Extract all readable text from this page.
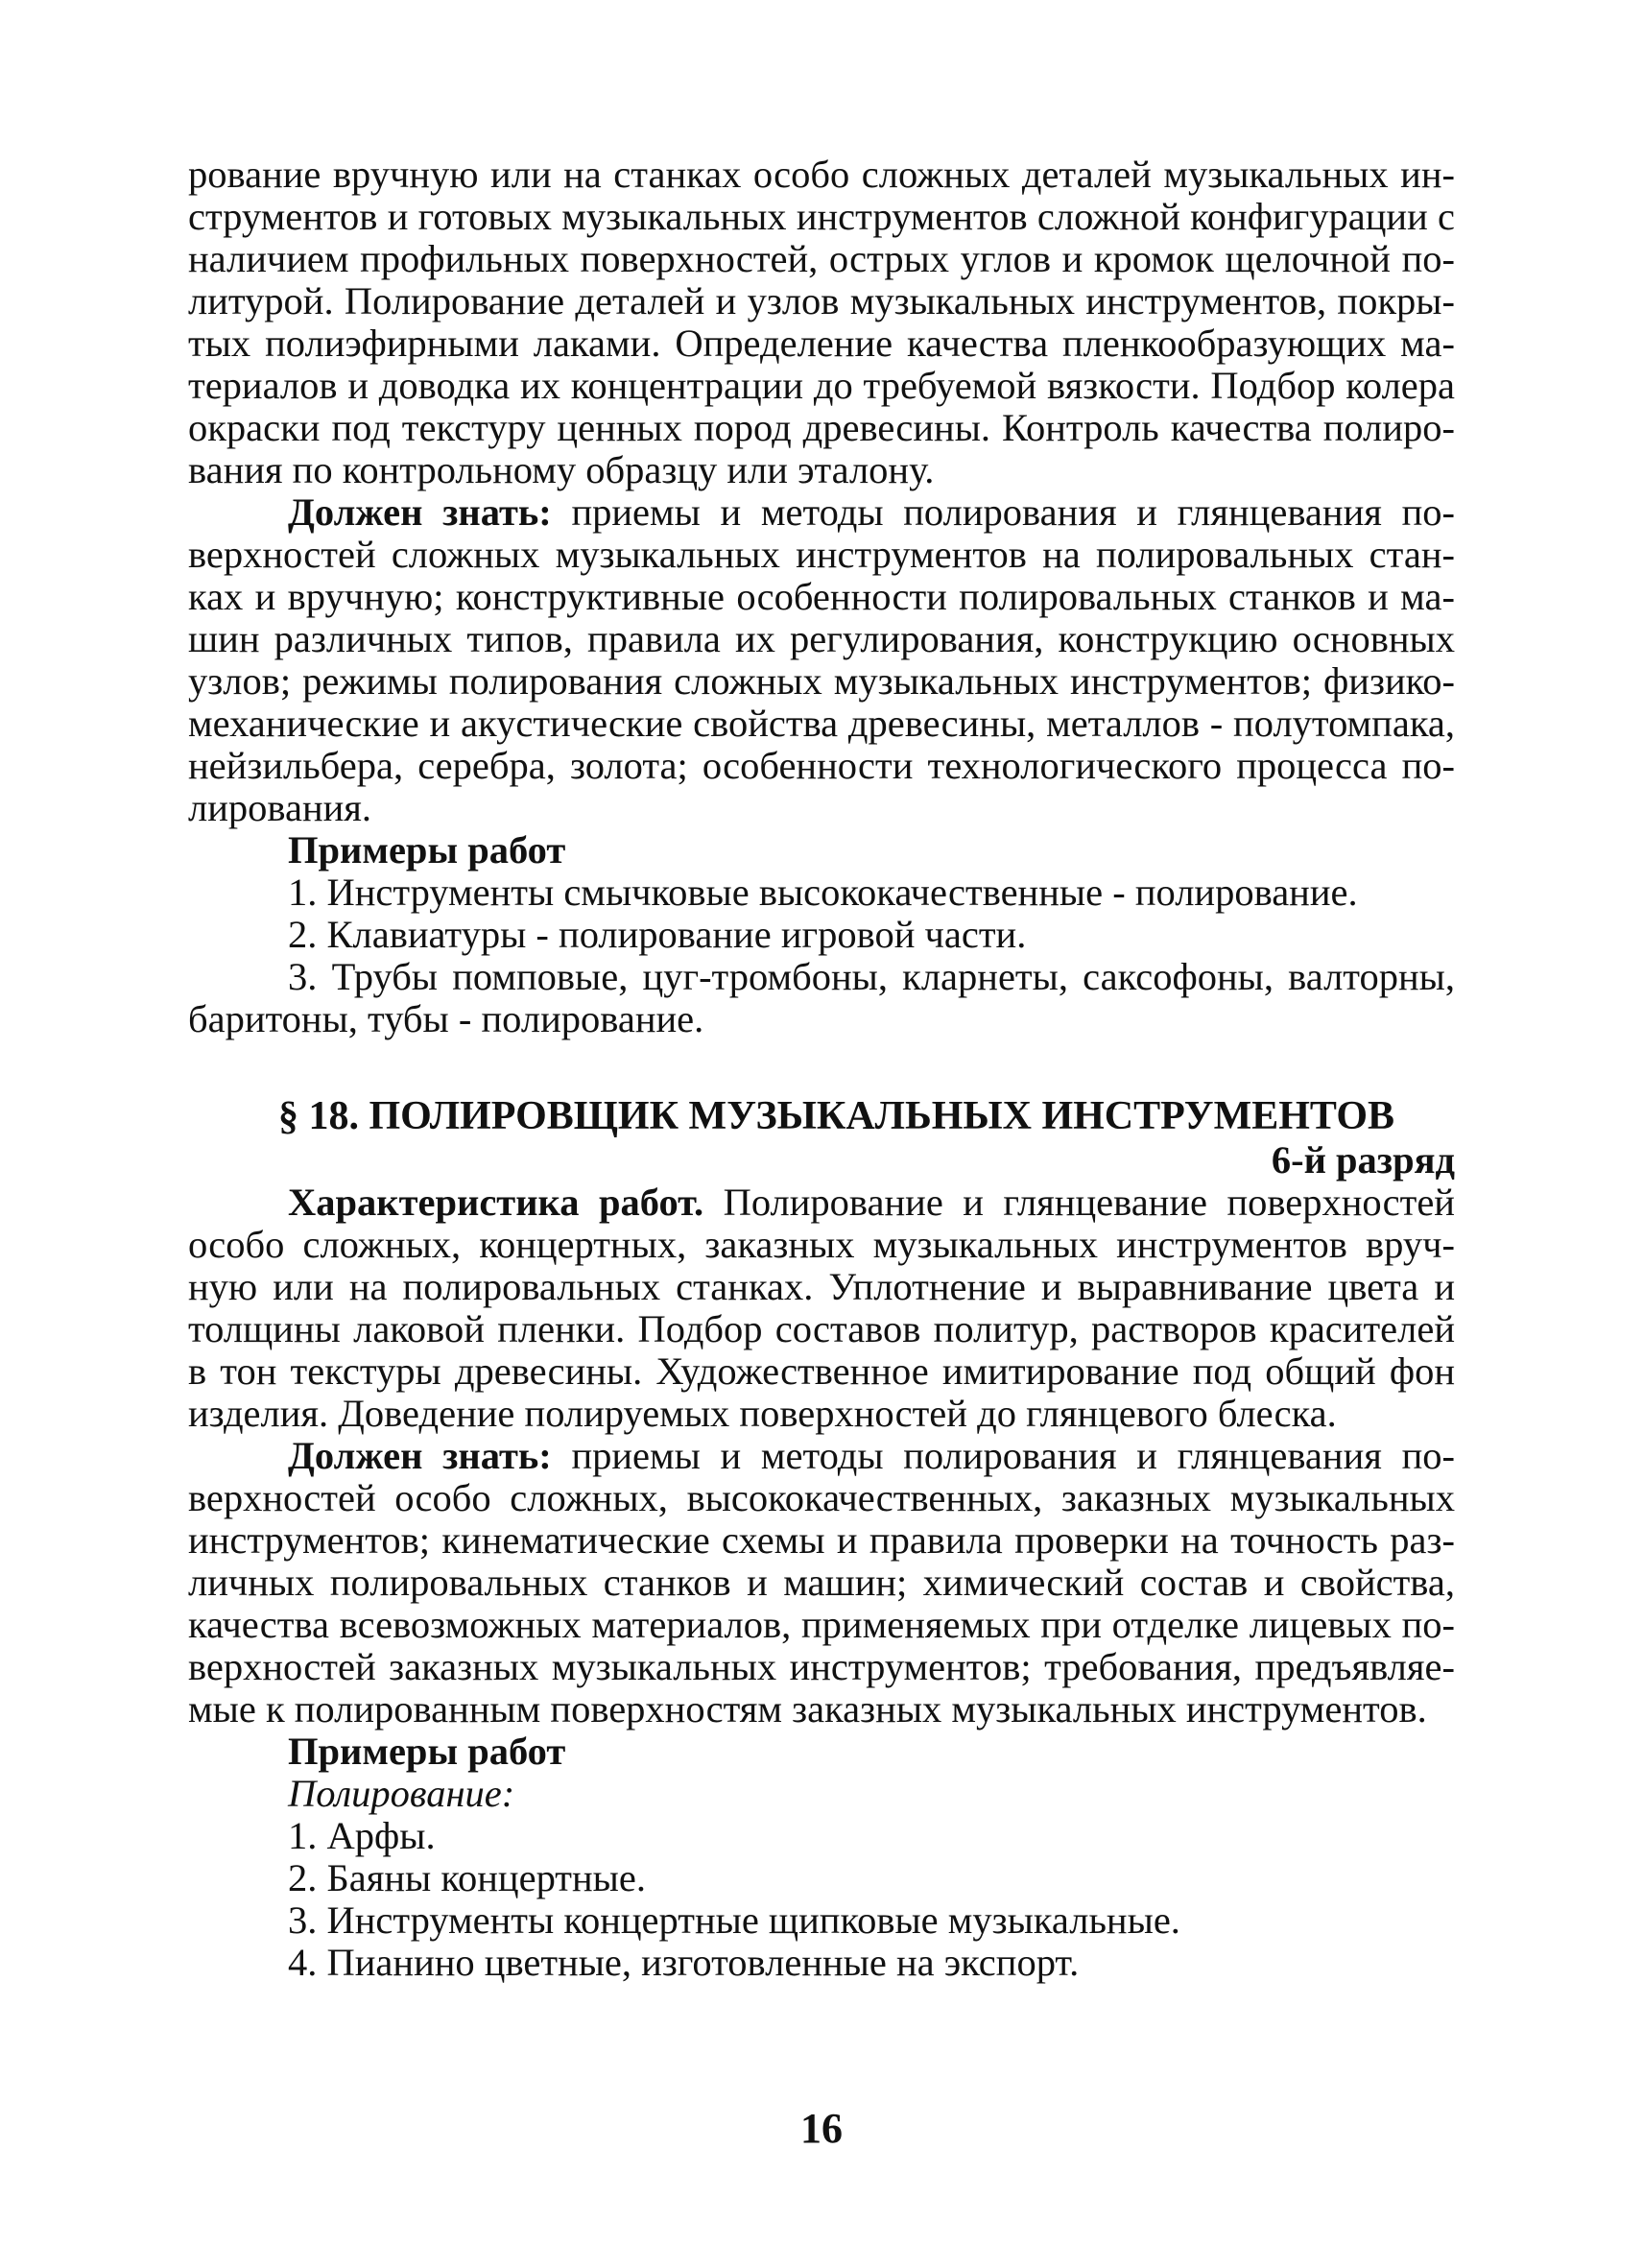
рование вручную или на станках особо сложных деталей музыкальных инструментов и готовых музыкальных инструментов сложной конфигурации с наличием профильных поверхностей, острых углов и кромок щелочной политурой. Полирование деталей и узлов музыкальных инструментов, покрытых полиэфирными лаками. Определение качества пленкообразующих материалов и доводка их концентрации до требуемой вязкости. Подбор колера окраски под текстуру ценных пород древесины. Контроль качества полирования по контрольному образцу или эталону.

Должен знать: приемы и методы полирования и глянцевания поверхностей сложных музыкальных инструментов на полировальных станках и вручную; конструктивные особенности полировальных станков и машин различных типов, правила их регулирования, конструкцию основных узлов; режимы полирования сложных музыкальных инструментов; физико-механические и акустические свойства древесины, металлов - полутомпака, нейзильбера, серебра, золота; особенности технологического процесса полирования.

Примеры работ

1. Инструменты смычковые высококачественные - полирование.

2. Клавиатуры - полирование игровой части.

3. Трубы помповые, цуг-тромбоны, кларнеты, саксофоны, валторны, баритоны, тубы - полирование.

§ 18. ПОЛИРОВЩИК МУЗЫКАЛЬНЫХ ИНСТРУМЕНТОВ

6-й разряд

Характеристика работ. Полирование и глянцевание поверхностей особо сложных, концертных, заказных музыкальных инструментов вручную или на полировальных станках. Уплотнение и выравнивание цвета и толщины лаковой пленки. Подбор составов политур, растворов красителей в тон текстуры древесины. Художественное имитирование под общий фон изделия. Доведение полируемых поверхностей до глянцевого блеска.

Должен знать: приемы и методы полирования и глянцевания поверхностей особо сложных, высококачественных, заказных музыкальных инструментов; кинематические схемы и правила проверки на точность различных полировальных станков и машин; химический состав и свойства, качества всевозможных материалов, применяемых при отделке лицевых поверхностей заказных музыкальных инструментов; требования, предъявляемые к полированным поверхностям заказных музыкальных инструментов.

Примеры работ

Полирование:

1. Арфы.

2. Баяны концертные.

3. Инструменты концертные щипковые музыкальные.

4. Пианино цветные, изготовленные на экспорт.

16
